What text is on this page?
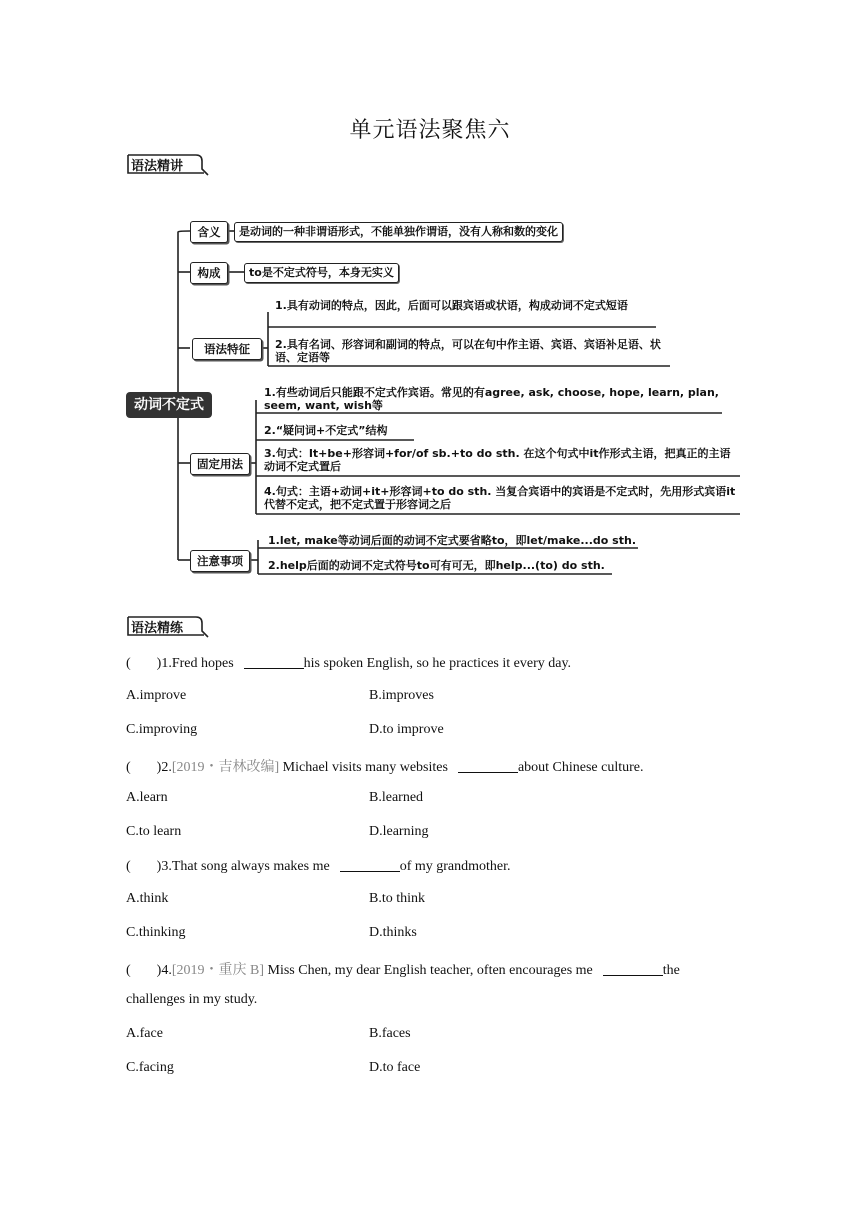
单元语法聚焦六
语法精讲
动词不定式
含义
构成
语法特征
固定用法
注意事项
是动词的一种非谓语形式，不能单独作谓语，没有人称和数的变化
to是不定式符号，本身无实义
1.具有动词的特点，因此，后面可以跟宾语或状语，构成动词不定式短语
2.具有名词、形容词和副词的特点，可以在句中作主语、宾语、宾语补足语、状语、定语等
1.有些动词后只能跟不定式作宾语。常见的有agree, ask, choose, hope, learn, plan, seem, want, wish等
2.“疑问词+不定式”结构
3.句式：It+be+形容词+for/of sb.+to do sth. 在这个句式中it作形式主语，把真正的主语动词不定式置后
4.句式：主语+动词+it+形容词+to do sth. 当复合宾语中的宾语是不定式时，先用形式宾语it代替不定式，把不定式置于形容词之后
1.let, make等动词后面的动词不定式要省略to，即let/make...do sth.
2.help后面的动词不定式符号to可有可无，即help...(to) do sth.
语法精练
( )1.Fred hopes	his spoken English, so he practices it every day.
A.improve	B.improves
C.improving	D.to improve
( )2.[2019・吉林改编] Michael visits many websites	about Chinese culture.
A.learn	B.learned
C.to learn	D.learning
( )3.That song always makes me	of my grandmother.
A.think	B.to think
C.thinking	D.thinks
( )4.[2019・重庆 B] Miss Chen, my dear English teacher, often encourages me	the
challenges in my study.
A.face	B.faces
C.facing	D.to face
